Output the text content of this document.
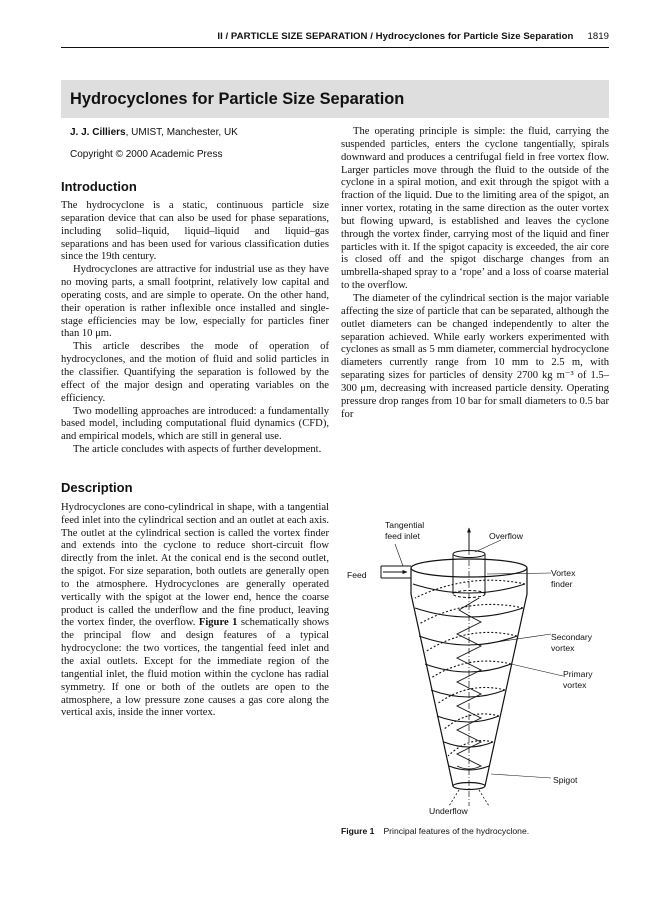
II / PARTICLE SIZE SEPARATION / Hydrocyclones for Particle Size Separation 1819
Hydrocyclones for Particle Size Separation
J. J. Cilliers, UMIST, Manchester, UK
Copyright © 2000 Academic Press
Introduction

The hydrocyclone is a static, continuous particle size separation device that can also be used for phase separations, including solid–liquid, liquid–liquid and liquid–gas separations and has been used for various classification duties since the 19th century.

Hydrocyclones are attractive for industrial use as they have no moving parts, a small footprint, relatively low capital and operating costs, and are simple to operate. On the other hand, their operation is rather inflexible once installed and single-stage efficiencies may be low, especially for particles finer than 10 μm.

This article describes the mode of operation of hydrocyclones, and the motion of fluid and solid particles in the classifier. Quantifying the separation is followed by the effect of the major design and operating variables on the efficiency.

Two modelling approaches are introduced: a fundamentally based model, including computational fluid dynamics (CFD), and empirical models, which are still in general use.

The article concludes with aspects of further development.

Description

Hydrocyclones are cono-cylindrical in shape, with a tangential feed inlet into the cylindrical section and an outlet at each axis. The outlet at the cylindrical section is called the vortex finder and extends into the cyclone to reduce short-circuit flow directly from the inlet. At the conical end is the second outlet, the spigot. For size separation, both outlets are generally open to the atmosphere. Hydrocyclones are generally operated vertically with the spigot at the lower end, hence the coarse product is called the underflow and the fine product, leaving the vortex finder, the overflow. Figure 1 schematically shows the principal flow and design features of a typical hydrocyclone: the two vortices, the tangential feed inlet and the axial outlets. Except for the immediate region of the tangential inlet, the fluid motion within the cyclone has radial symmetry. If one or both of the outlets are open to the atmosphere, a low pressure zone causes a gas core along the vertical axis, inside the inner vortex.

The operating principle is simple: the fluid, carrying the suspended particles, enters the cyclone tangentially, spirals downward and produces a centrifugal field in free vortex flow. Larger particles move through the fluid to the outside of the cyclone in a spiral motion, and exit through the spigot with a fraction of the liquid. Due to the limiting area of the spigot, an inner vortex, rotating in the same direction as the outer vortex but flowing upward, is established and leaves the cyclone through the vortex finder, carrying most of the liquid and finer particles with it. If the spigot capacity is exceeded, the air core is closed off and the spigot discharge changes from an umbrella-shaped spray to a ‘rope’ and a loss of coarse material to the overflow.

The diameter of the cylindrical section is the major variable affecting the size of particle that can be separated, although the outlet diameters can be changed independently to alter the separation achieved. While early workers experimented with cyclones as small as 5 mm diameter, commercial hydrocyclone diameters currently range from 10 mm to 2.5 m, with separating sizes for particles of density 2700 kg m⁻³ of 1.5–300 μm, decreasing with increased particle density. Operating pressure drop ranges from 10 bar for small diameters to 0.5 bar for

Tangential
feed inlet	Overflow
Feed	Vortex
finder
Secondary
vortex
Primary
vortex
Spigot
Underflow
Figure 1 Principal features of the hydrocyclone.
